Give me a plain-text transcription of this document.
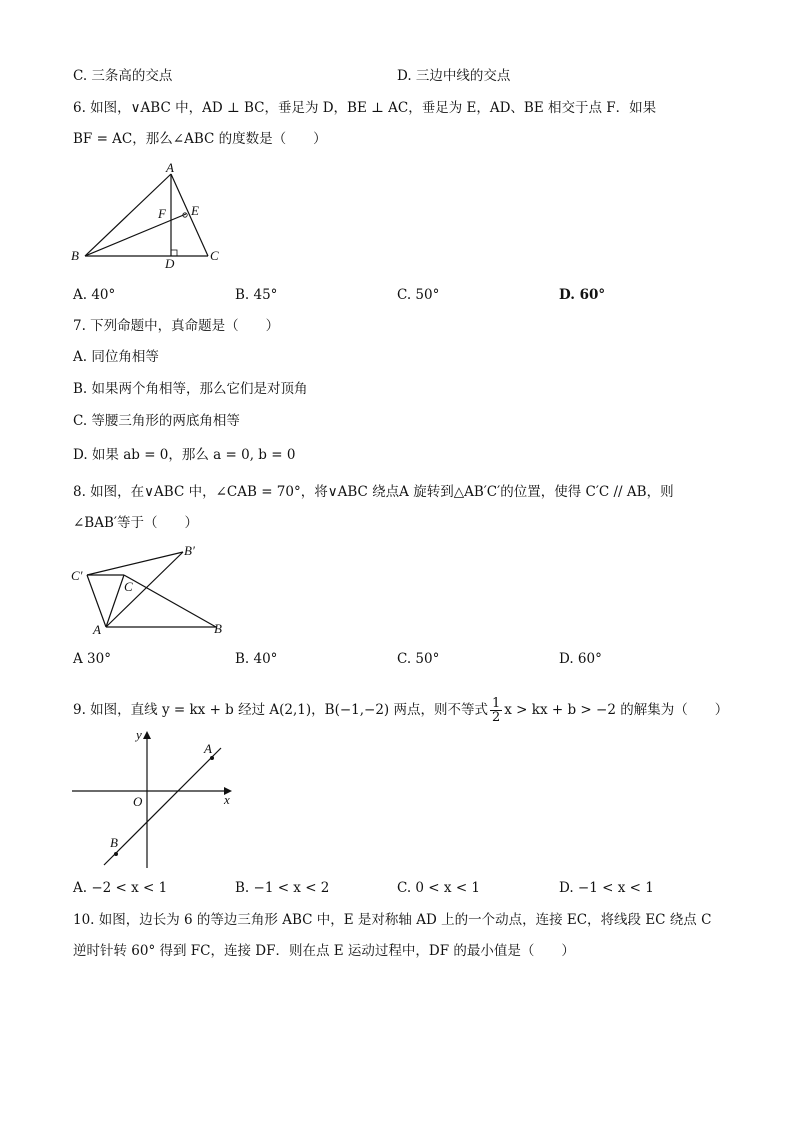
C. 三条高的交点	D. 三边中线的交点
6. 如图，∨ABC 中，AD ⊥ BC，垂足为 D，BE ⊥ AC，垂足为 E，AD、BE 相交于点 F．如果
BF = AC，那么∠ABC 的度数是（　　）
A
B	C
D
E
F
A. 40°	B. 45°	C. 50°	D. 60°
7. 下列命题中，真命题是（　　）
A. 同位角相等
B. 如果两个角相等，那么它们是对顶角
C. 等腰三角形的两底角相等
D. 如果 ab = 0，那么 a = 0, b = 0
8. 如图，在∨ABC 中，∠CAB = 70°，将∨ABC 绕点A 旋转到△AB′C′的位置，使得 C′C // AB，则
∠BAB′等于（　　）
C′
B′
C
A	B
A 30°	B. 40°	C. 50°	D. 60°
9. 如图，直线 y = kx + b 经过 A(2,1)，B(−1,−2) 两点，则不等式 $\frac{1}{2}$ x > kx + b > −2 的解集为（　　）
y
x
O
A
B
A. −2 < x < 1	B. −1 < x < 2	C. 0 < x < 1	D. −1 < x < 1
10. 如图，边长为 6 的等边三角形 ABC 中，E 是对称轴 AD 上的一个动点，连接 EC，将线段 EC 绕点 C
逆时针转 60° 得到 FC，连接 DF．则在点 E 运动过程中，DF 的最小值是（　　）
